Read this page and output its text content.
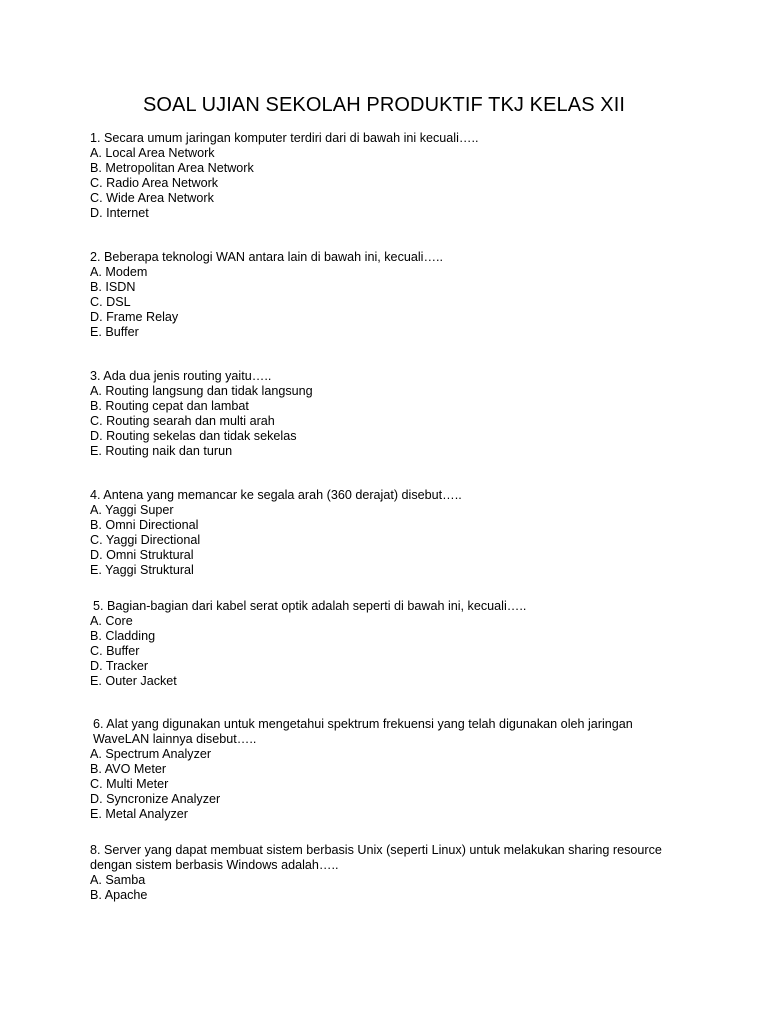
SOAL UJIAN SEKOLAH PRODUKTIF TKJ KELAS XII

1. Secara umum jaringan komputer terdiri dari di bawah ini kecuali…..

A. Local Area Network
B. Metropolitan Area Network
C. Radio Area Network
C. Wide Area Network
D. Internet

2. Beberapa teknologi WAN antara lain di bawah ini, kecuali…..

A. Modem
B. ISDN
C. DSL
D. Frame Relay
E. Buffer

3. Ada dua jenis routing yaitu…..

A. Routing langsung dan tidak langsung
B. Routing cepat dan lambat
C. Routing searah dan multi arah
D. Routing sekelas dan tidak sekelas
E. Routing naik dan turun

4. Antena yang memancar ke segala arah (360 derajat) disebut…..

A. Yaggi Super
B. Omni Directional
C. Yaggi Directional
D. Omni Struktural
E. Yaggi Struktural

5. Bagian-bagian dari kabel serat optik adalah seperti di bawah ini, kecuali…..

A. Core
B. Cladding
C. Buffer
D. Tracker
E. Outer Jacket

6. Alat yang digunakan untuk mengetahui spektrum frekuensi yang telah digunakan oleh jaringan WaveLAN lainnya disebut…..

A. Spectrum Analyzer
B. AVO Meter
C. Multi Meter
D. Syncronize Analyzer
E. Metal Analyzer

8. Server yang dapat membuat sistem berbasis Unix (seperti Linux) untuk melakukan sharing resource dengan sistem berbasis Windows adalah…..

A. Samba
B. Apache
